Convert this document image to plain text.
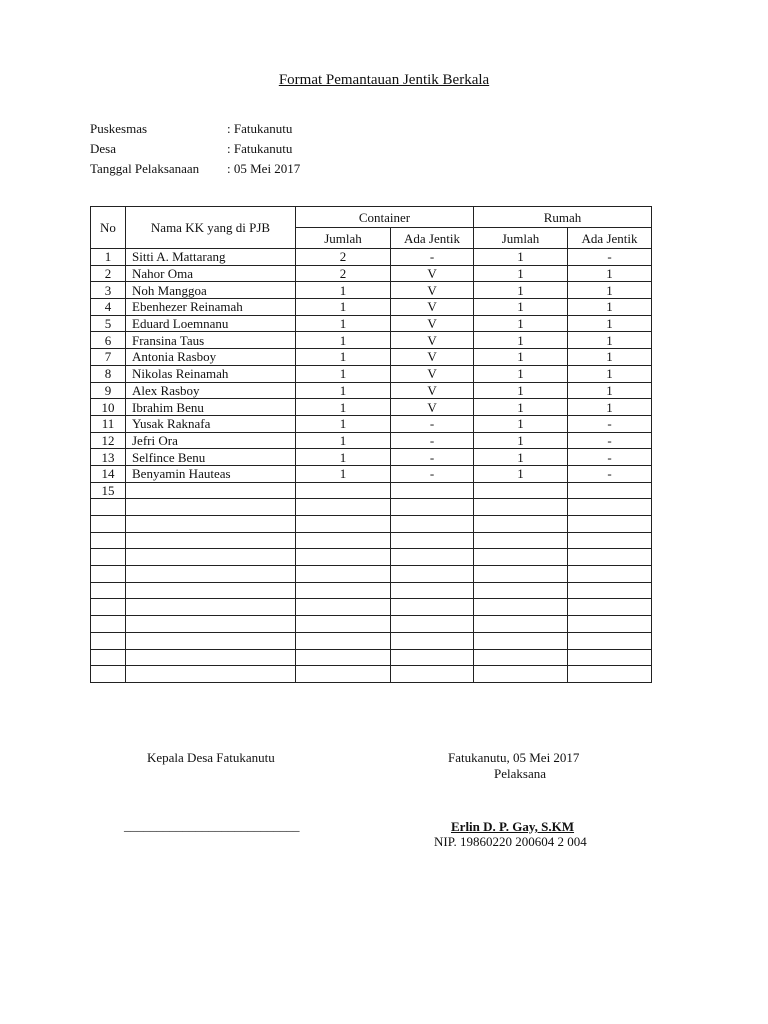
Format Pemantauan Jentik Berkala
Puskesmas	: Fatukanutu
Desa	: Fatukanutu
Tanggal Pelaksanaan : 05 Mei 2017
No	Nama KK yang di PJB	Container		Rumah	
		Jumlah	Ada Jentik	Jumlah	Ada Jentik
1	Sitti A. Mattarang	2	-	1	-
2	Nahor Oma	2	V	1	1
3	Noh Manggoa	1	V	1	1
4	Ebenhezer Reinamah	1	V	1	1
5	Eduard Loemnanu	1	V	1	1
6	Fransina Taus	1	V	1	1
7	Antonia Rasboy	1	V	1	1
8	Nikolas Reinamah	1	V	1	1
9	Alex Rasboy	1	V	1	1
10	Ibrahim Benu	1	V	1	1
11	Yusak Raknafa	1	-	1	-
12	Jefri Ora	1	-	1	-
13	Selfince Benu	1	-	1	-
14	Benyamin Hauteas	1	-	1	-
15					

Kepala Desa Fatukanutu
___________________________
Fatukanutu, 05 Mei 2017
Pelaksana
Erlin D. P. Gay, S.KM
NIP. 19860220 200604 2 004
